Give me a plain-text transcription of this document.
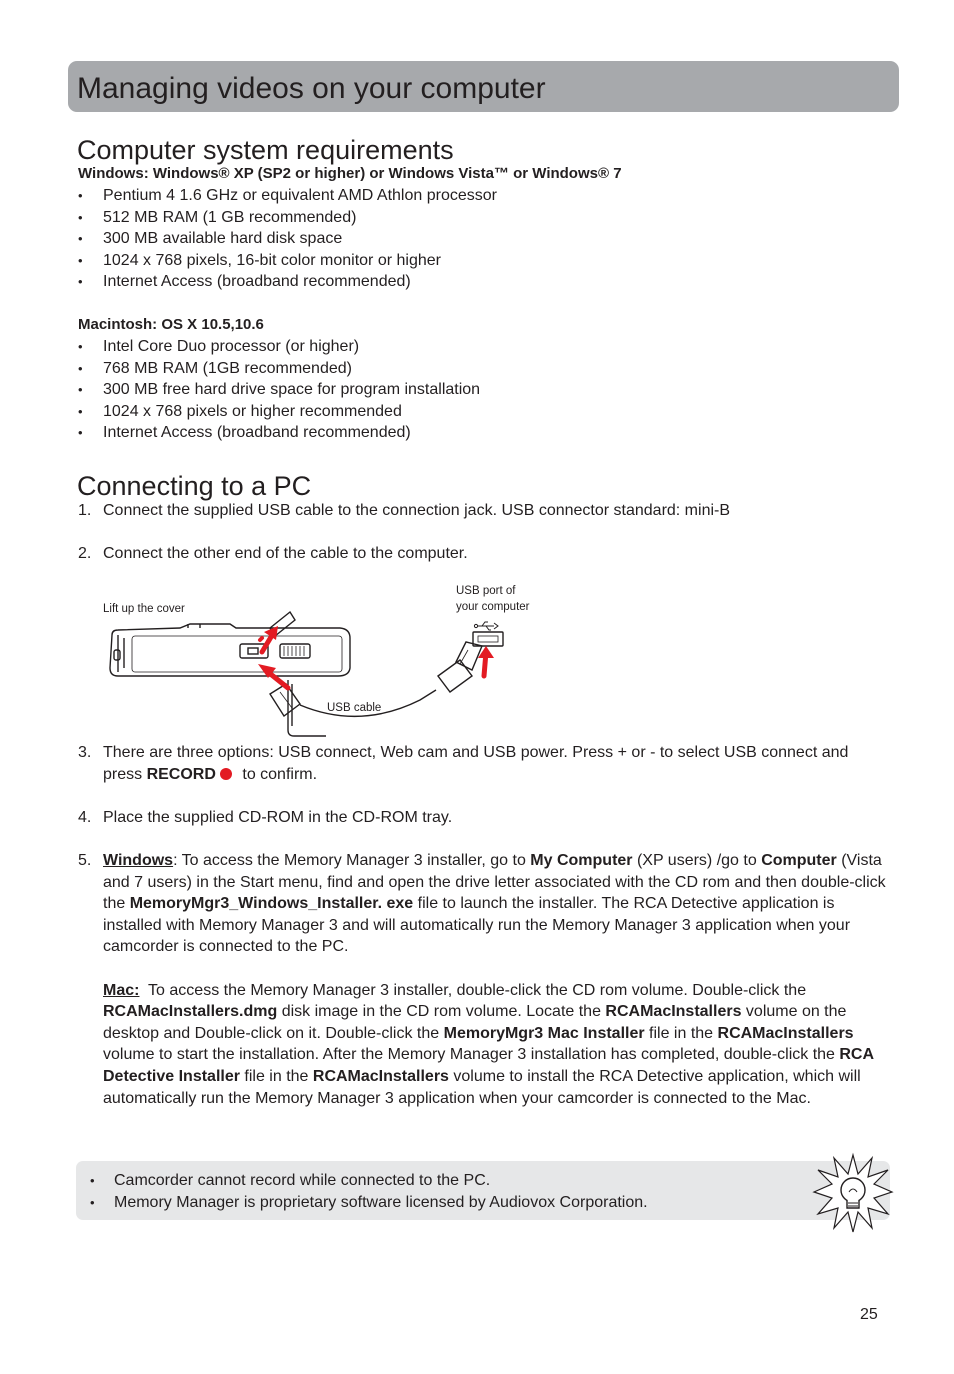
Managing videos on your computer
Computer system requirements

Windows: Windows® XP (SP2 or higher) or Windows Vista™ or Windows® 7

• Pentium 4 1.6 GHz or equivalent AMD Athlon processor
• 512 MB RAM (1 GB recommended)
• 300 MB available hard disk space
• 1024 x 768 pixels, 16-bit color monitor or higher
• Internet Access (broadband recommended)

Macintosh: OS X 10.5,10.6

• Intel Core Duo processor (or higher)
• 768 MB RAM (1GB recommended)
• 300 MB free hard drive space for program installation
• 1024 x 768 pixels or higher recommended
• Internet Access (broadband recommended)
Connecting to a PC
1. Connect the supplied USB cable to the connection jack. USB connector standard: mini-B
2. Connect the other end of the cable to the computer.
Lift up the cover
USB port of
your computer
USB cable
3. There are three options: USB connect, Web cam and USB power. Press + or - to select USB connect and press RECORD to confirm.
4. Place the supplied CD-ROM in the CD-ROM tray.
5. Windows: To access the Memory Manager 3 installer, go to My Computer (XP users) /go to Computer (Vista and 7 users) in the Start menu, find and open the drive letter associated with the CD rom and then double-click the MemoryMgr3_Windows_Installer. exe file to launch the installer. The RCA Detective application is installed with Memory Manager 3 and will automatically run the Memory Manager 3 application when your camcorder is connected to the PC.
Mac:  To access the Memory Manager 3 installer, double-click the CD rom volume. Double-click the RCAMacInstallers.dmg disk image in the CD rom volume. Locate the RCAMacInstallers volume on the desktop and Double-click on it. Double-click the MemoryMgr3 Mac Installer file in the RCAMacInstallers volume to start the installation. After the Memory Manager 3 installation has completed, double-click the RCA Detective Installer file in the RCAMacInstallers volume to install the RCA Detective application, which will automatically run the Memory Manager 3 application when your camcorder is connected to the Mac.
• Camcorder cannot record while connected to the PC.
• Memory Manager is proprietary software licensed by Audiovox Corporation.
25
